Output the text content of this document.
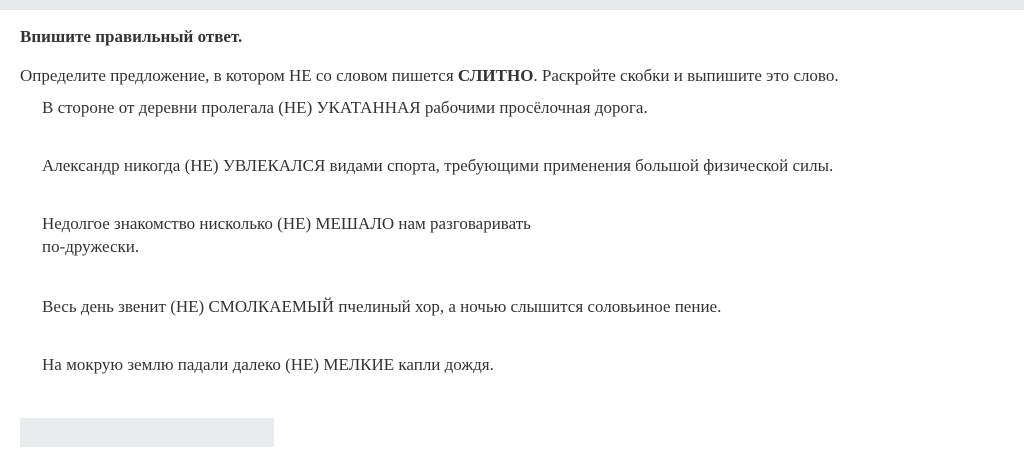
Впишите правильный ответ.
Определите предложение, в котором НЕ со словом пишется СЛИТНО. Раскройте скобки и выпишите это слово.
В стороне от деревни пролегала (НЕ) УКАТАННАЯ рабочими просёлочная дорога.
Александр никогда (НЕ) УВЛЕКАЛСЯ видами спорта, требующими применения большой физической силы.
Недолгое знакомство нисколько (НЕ) МЕШАЛО нам разговаривать
по-дружески.
Весь день звенит (НЕ) СМОЛКАЕМЫЙ пчелиный хор, а ночью слышится соловьиное пение.
На мокрую землю падали далеко (НЕ) МЕЛКИЕ капли дождя.
